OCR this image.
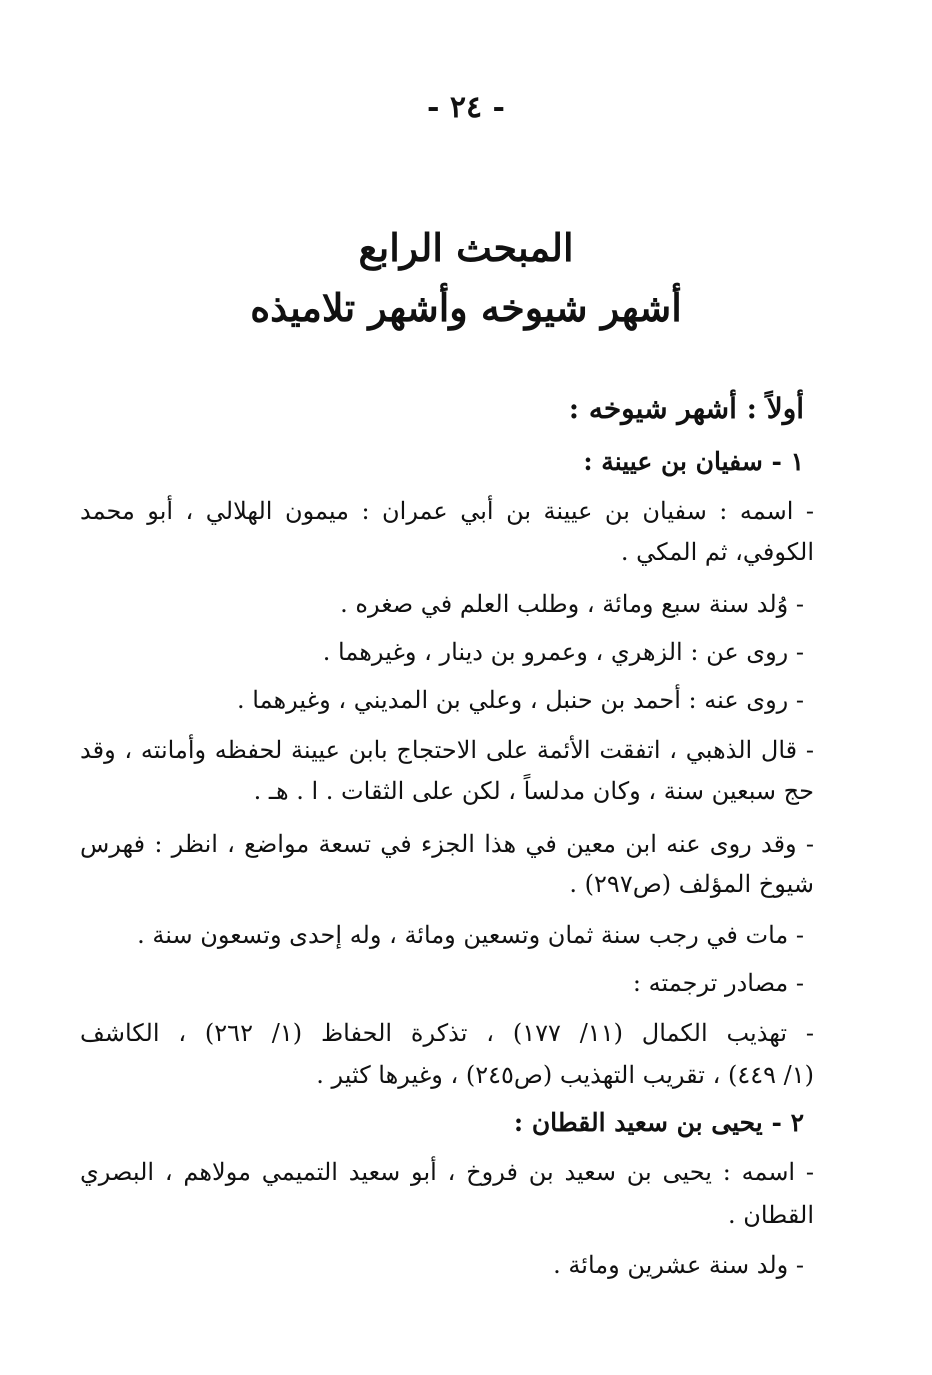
- ٢٤ -
المبحث الرابع
أشهر شيوخه وأشهر تلاميذه
أولاً : أشهر شيوخه :
١ - سفيان بن عيينة :
- اسمه : سفيان بن عيينة بن أبي عمران : ميمون الهلالي ، أبو محمد
الكوفي، ثم المكي .
- وُلد سنة سبع ومائة ، وطلب العلم في صغره .
- روى عن : الزهري ، وعمرو بن دينار ، وغيرهما .
- روى عنه : أحمد بن حنبل ، وعلي بن المديني ، وغيرهما .
- قال الذهبي ، اتفقت الأئمة على الاحتجاج بابن عيينة لحفظه وأمانته ، وقد
حج سبعين سنة ، وكان مدلساً ، لكن على الثقات . ا . هـ .
- وقد روى عنه ابن معين في هذا الجزء في تسعة مواضع ، انظر : فهرس
شيوخ المؤلف (ص٢٩٧) .
- مات في رجب سنة ثمان وتسعين ومائة ، وله إحدى وتسعون سنة .
- مصادر ترجمته :
- تهذيب الكمال (١١/ ١٧٧) ، تذكرة الحفاظ (١/ ٢٦٢) ، الكاشف
(١/ ٤٤٩) ، تقريب التهذيب (ص٢٤٥) ، وغيرها كثير .
٢ - يحيى بن سعيد القطان :
- اسمه : يحيى بن سعيد بن فروخ ، أبو سعيد التميمي مولاهم ، البصري
القطان .
- ولد سنة عشرين ومائة .
